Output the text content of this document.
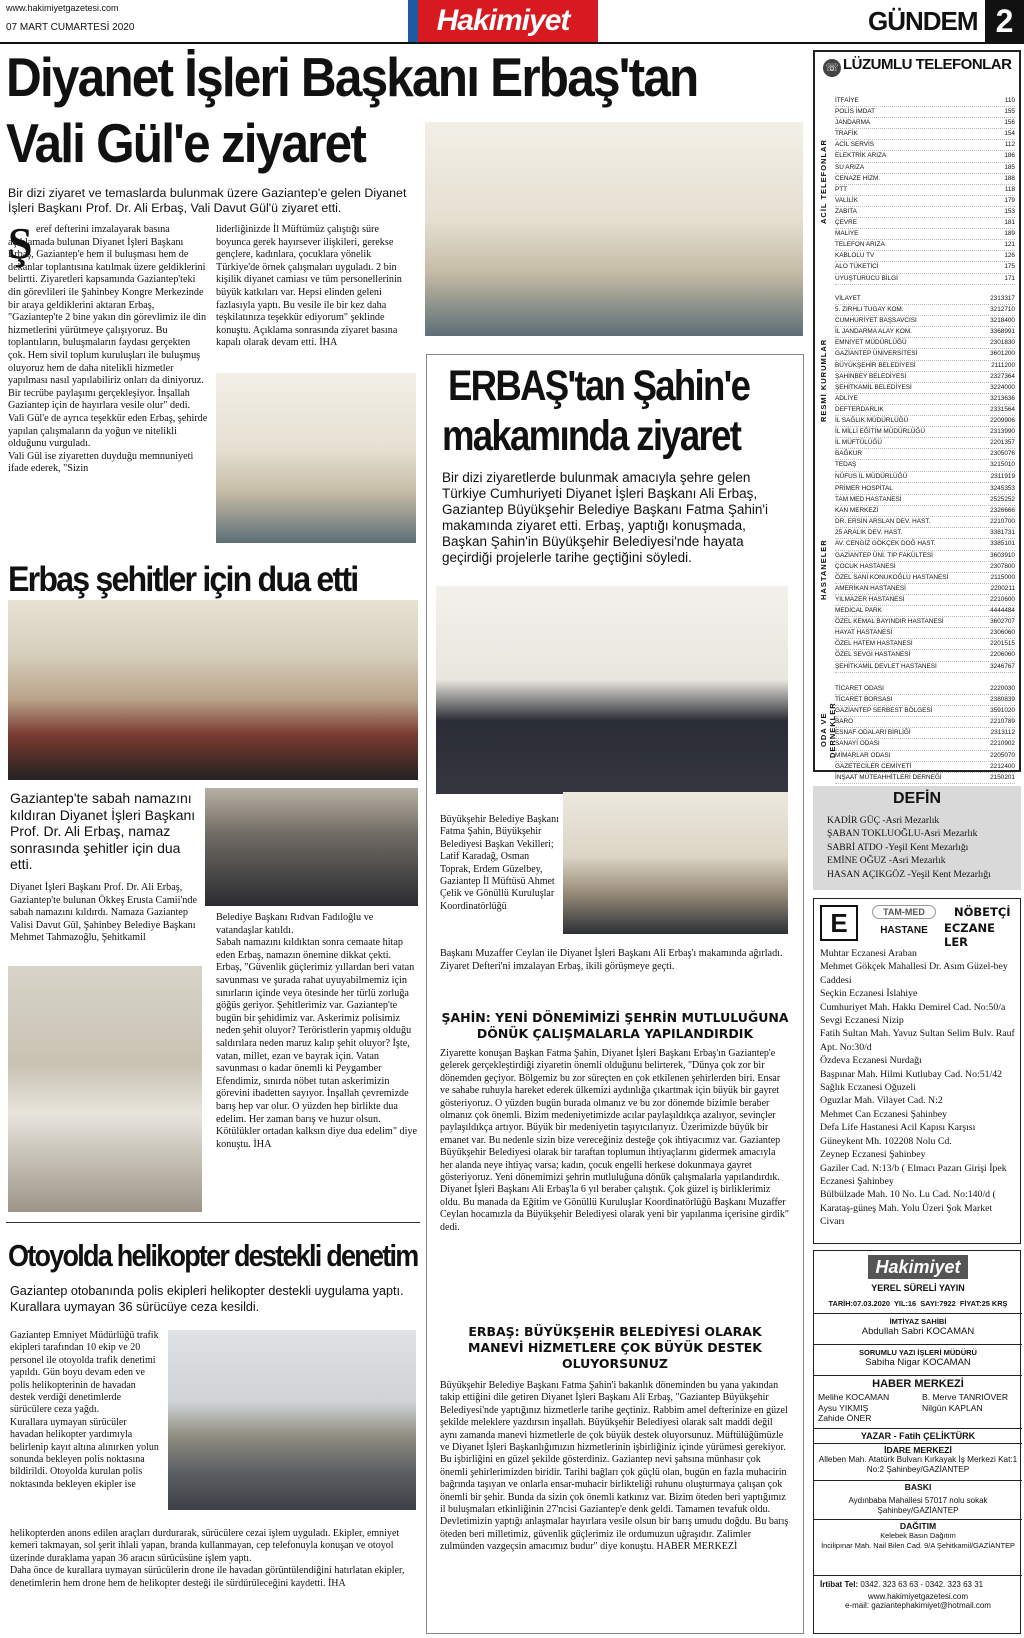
www.hakimiyetgazetesi.com
07 MART CUMARTESİ 2020	Hakimiyet	GÜNDEM 2
Diyanet İşleri Başkanı Erbaş'tan
Vali Gül'e ziyaret
Bir dizi ziyaret ve temaslarda bulunmak üzere Gaziantep'e gelen Diyanet İşleri Başkanı Prof. Dr. Ali Erbaş, Vali Davut Gül'ü ziyaret etti.
Ş eref defterini imzalayarak basına açıklamada bulunan Diyanet İşleri Başkanı Erbaş, Gaziantep'e hem il buluşması hem de dekanlar toplantısına katılmak üzere geldiklerini belirtti. Ziyaretleri kapsamında Gaziantep'teki din görevlileri ile Şahinbey Kongre Merkezinde bir araya geldiklerini aktaran Erbaş, "Gaziantep'te 2 bine yakın din görevlimiz ile din hizmetlerini yürütmeye çalışıyoruz. Bu toplantıların, buluşmaların faydası gerçekten çok. Hem sivil toplum kuruluşları ile buluşmuş oluyoruz hem de daha nitelikli hizmetler yapılması nasıl yapılabiliriz onları da diniyoruz. Bir tecrübe paylaşımı gerçekleşiyor. İnşallah Gaziantep için de hayırlara vesile olur" dedi.
Vali Gül'e de ayrıca teşekkür eden Erbaş, şehirde yapılan çalışmaların da yoğun ve nitelikli olduğunu vurguladı.
Vali Gül ise ziyaretten duyduğu memnuniyeti ifade ederek, "Sizin
liderliğinizde İl Müftümüz çalıştığı süre boyunca gerek hayırsever ilişkileri, gerekse gençlere, kadınlara, çocuklara yönelik Türkiye'de örnek çalışmaları uyguladı. 2 bin kişilik diyanet camiası ve tüm personellerinin büyük katkıları var. Hepsi elinden geleni fazlasıyla yaptı. Bu vesile ile bir kez daha teşkilatınıza teşekkür ediyorum" şeklinde konuştu. Açıklama sonrasında ziyaret basına kapalı olarak devam etti. İHA
ERBAŞ'tan Şahin'e
makamında ziyaret
Bir dizi ziyaretlerde bulunmak amacıyla şehre gelen Türkiye Cumhuriyeti Diyanet İşleri Başkanı Ali Erbaş, Gaziantep Büyükşehir Belediye Başkanı Fatma Şahin'i makamında ziyaret etti. Erbaş, yaptığı konuşmada, Başkan Şahin'in Büyükşehir Belediyesi'nde hayata geçirdiği projelerle tarihe geçtiğini söyledi.
Büyükşehir Belediye Başkanı Fatma Şahin, Büyükşehir Belediyesi Başkan Vekilleri; Latif Karadağ, Osman Toprak, Erdem Güzelbey, Gaziantep İl Müftüsü Ahmet Çelik ve Gönüllü Kuruluşlar Koordinatörlüğü
Başkanı Muzaffer Ceylan ile Diyanet İşleri Başkanı Ali Erbaş'ı makamında ağırladı. Ziyaret Defteri'ni imzalayan Erbaş, ikili görüşmeye geçti.
ŞAHİN: YENİ DÖNEMİMİZİ ŞEHRİN MUTLULUĞUNA DÖNÜK ÇALIŞMALARLA YAPILANDIRDIK
Ziyarette konuşan Başkan Fatma Şahin, Diyanet İşleri Başkanı Erbaş'ın Gaziantep'e gelerek gerçekleştirdiği ziyaretin önemli olduğunu belirterek, "Dünya çok zor bir dönemden geçiyor. Bölgemiz bu zor süreçten en çok etkilenen şehirlerden biri. Ensar ve sahabe ruhuyla hareket ederek ülkemizi aydınlığa çıkartmak için büyük bir gayret gösteriyoruz. O yüzden bugün burada olmanız ve bu zor dönemde bizimle beraber olmanız çok önemli. Bizim medeniyetimizde acılar paylaşıldıkça azalıyor, sevinçler paylaşıldıkça artıyor. Büyük bir medeniyetin taşıyıcılarıyız. Üzerimizde büyük bir emanet var. Bu nedenle sizin bize vereceğiniz desteğe çok ihtiyacımız var. Gaziantep Büyükşehir Belediyesi olarak bir taraftan toplumun ihtiyaçlarını gidermek amacıyla her alanda neye ihtiyaç varsa; kadın, çocuk engelli herkese dokunmaya gayret gösteriyoruz. Yeni dönemimizi şehrin mutluluğuna dönük çalışmalarla yapılandırdık. Diyanet İşleri Başkanı Ali Erbaş'la 6 yıl beraber çalıştık. Çok güzel iş birliklerimiz oldu. Bu manada da Eğitim ve Gönüllü Kuruluşlar Koordinatörlüğü Başkanı Muzaffer Ceylan hocamızla da Büyükşehir Belediyesi olarak yeni bir yapılanma içerisine girdik" dedi.
ERBAŞ: BÜYÜKŞEHİR BELEDİYESİ OLARAK MANEVİ HİZMETLERE ÇOK BÜYÜK DESTEK OLUYORSUNUZ
Büyükşehir Belediye Başkanı Fatma Şahin'i bakanlık döneminden bu yana yakından takip ettiğini dile getiren Diyanet İşleri Başkanı Ali Erbaş, "Gaziantep Büyükşehir Belediyesi'nde yaptığınız hizmetlerle tarihe geçtiniz. Rabbim amel defterinize en güzel şekilde meleklere yazdırsın inşallah. Büyükşehir Belediyesi olarak salt maddi değil aynı zamanda manevi hizmetlerle de çok büyük destek oluyorsunuz. Müftülüğümüzle ve Diyanet İşleri Başkanlığımızın hizmetlerinin işbirliğiniz içinde yürümesi gerekiyor. Bu işbirliğini en güzel şekilde gösterdiniz. Gaziantep nevi şahsına münhasır çok önemli şehirlerimizden biridir. Tarihi bağları çok güçlü olan, bugün en fazla muhacirin bağrında taşıyan ve onlarla ensar-muhacir birlikteliği ruhunu oluşturmaya çalışan çok önemli bir şehir. Bunda da sizin çok önemli katkınız var. Bizim öteden beri yaptığımız il buluşmaları etkinliğinin 27'ncisi Gaziantep'e denk geldi. Tamamen tevafuk oldu. Devletimizin yaptığı anlaşmalar hayırlara vesile olsun bir barış umudu doğdu. Bu barış öteden beri milletimiz, güvenlik güçlerimiz ile ordumuzun uğraşıdır. Zalimler zulmünden vazgeçsin amacımız budur" diye konuştu. HABER MERKEZİ
Erbaş şehitler için dua etti
Gaziantep'te sabah namazını kıldıran Diyanet İşleri Başkanı Prof. Dr. Ali Erbaş, namaz sonrasında şehitler için dua etti.
Diyanet İşleri Başkanı Prof. Dr. Ali Erbaş, Gaziantep'te bulunan Ökkeş Erusta Camii'nde sabah namazını kıldırdı. Namaza Gaziantep Valisi Davut Gül, Şahinbey Belediye Başkanı Mehmet Tahmazoğlu, Şehitkamil
Belediye Başkanı Rıdvan Fadıloğlu ve vatandaşlar katıldı.
Sabah namazını kıldıktan sonra cemaate hitap eden Erbaş, namazın önemine dikkat çekti. Erbaş, "Güvenlik güçlerimiz yıllardan beri vatan savunması ve şurada rahat uyuyabilmemiz için sınırların içinde veya ötesinde her türlü zorluğa göğüs geriyor. Şehitlerimiz var. Gaziantep'te bugün bir şehidimiz var. Askerimiz polisimiz neden şehit oluyor? Teröristlerin yapmış olduğu saldırılara neden maruz kalıp şehit oluyor? İşte, vatan, millet, ezan ve bayrak için. Vatan savunması o kadar önemli ki Peygamber Efendimiz, sınırda nöbet tutan askerimizin görevini ibadetten sayıyor. İnşallah çevremizde barış hep var olur. O yüzden hep birlikte dua edelim. Her zaman barış ve huzur olsun. Kötülükler ortadan kalksın diye dua edelim" diye konuştu. İHA
Otoyolda helikopter destekli denetim
Gaziantep otobanında polis ekipleri helikopter destekli uygulama yaptı. Kurallara uymayan 36 sürücüye ceza kesildi.
Gaziantep Emniyet Müdürlüğü trafik ekipleri tarafından 10 ekip ve 20 personel ile otoyolda trafik denetimi yapıldı. Gün boyu devam eden ve polis helikopterinin de havadan destek verdiği denetimlerde sürücülere ceza yağdı.
Kurallara uymayan sürücüler havadan helikopter yardımıyla belirlenip kayıt altına alınırken yolun sonunda bekleyen polis noktasına bildirildi. Otoyolda kurulan polis noktasında bekleyen ekipler ise
helikopterden anons edilen araçları durdurarak, sürücülere cezai işlem uyguladı. Ekipler, emniyet kemeri takmayan, sol şerit ihlali yapan, branda kullanmayan, cep telefonuyla konuşan ve otoyol üzerinde duraklama yapan 36 aracın sürücüsüne işlem yaptı.
Daha önce de kurallara uymayan sürücülerin drone ile havadan görüntülendiğini hatırlatan ekipler, denetimlerin hem drone hem de helikopter desteği ile sürdürüleceğini kaydetti. İHA
☏ LÜZUMLU TELEFONLAR
ACİL TELEFONLAR
İTFAİYE	110
POLİS İMDAT	155
JANDARMA	156
TRAFİK	154
ACİL SERVİS	112
ELEKTRİK ARIZA	186
SU ARIZA	185
CENAZE HİZM.	188
PTT	118
VALİLİK	179
ZABITA	153
ÇEVRE	181
MALİYE	189
TELEFON ARIZA	121
KABLOLU TV	126
ALO TÜKETİCİ	175
UYUŞTURUCU BİLGİ	171
RESMİ KURUMLAR
VİLAYET	2313317
5. ZIRHLI TUGAY KOM.	3212710
CUMHURİYET BAŞSAVCISI	3218400
İL JANDARMA ALAY KOM.	3368991
EMNİYET MÜDÜRLÜĞÜ	2301830
GAZİANTEP ÜNİVERSİTESİ	3601200
BÜYÜKŞEHİR BELEDİYESİ	2111200
ŞAHİNBEY BELEDİYESİ	2327364
ŞEHİTKAMİL BELEDİYESİ	3224000
ADLİYE	3213636
DEFTERDARLIK	2331564
İL SAĞLIK MÜDÜRLÜĞÜ	2209906
İL MİLLİ EĞİTİM MÜDÜRLÜĞÜ	2313990
İL MÜFTÜLÜĞÜ	2201357
BAĞKUR	2305076
TEDAŞ	3215010
NÜFUS İL MÜDÜRLÜĞÜ	2311919
HASTANELER
PRİMER HOSPİTAL	3245353
TAM MED HASTANESİ	2525252
KAN MERKEZİ	2326666
DR. ERSİN ARSLAN DEV. HAST.	2210700
25 ARALIK DEV. HAST.	3381731
AV. CENGİZ GÖKÇEK DOĞ HAST.	3385101
GAZİANTEP ÜNİ. TIP FAKÜLTESİ	3603910
ÇOCUK HASTANESİ	2307800
ÖZEL SANİ KONUKOĞLU HASTANESİ	2115000
AMERİKAN HASTANESİ	2200211
YILMAZER HASTANESİ	2210600
MEDİCAL PARK	4444484
ÖZEL KEMAL BAYINDIR HASTANESİ	3602707
HAYAT HASTANESİ	2306060
ÖZEL HATEM HASTANESİ	2201515
ÖZEL SEVGİ HASTANESİ	2206060
ŞEHİTKAMİL DEVLET HASTANESİ	3246767
ODA VE DERNEKLER
TİCARET ODASI	2220030
TİCARET BORSASI	2380839
GAZİANTEP SERBEST BÖLGESİ	3591020
BARO	2210789
ESNAF ODALARI BİRLİĞİ	2313112
SANAYİ ODASI	2210902
MİMARLAR ODASI	2205070
GAZETECİLER CEMİYETİ	2212400
İNŞAAT MÜTEAHHİTLERİ DERNEĞİ	2150201
DEFİN
KADİR GÜÇ -Asri Mezarlık
ŞABAN TOKLUOĞLU-Asri Mezarlık
SABRİ ATDO -Yeşil Kent Mezarlığı
EMİNE OĞUZ -Asri Mezarlık
HASAN AÇIKGÖZ -Yeşil Kent Mezarlığı
E	TAM-MED
HASTANE
NÖBETÇİ
ECZANE LER
Muhtar Eczanesi Araban
Mehmet Gökçek Mahallesi Dr. Asım Güzel-bey Caddesi
Seçkin Eczanesi İslahiye
Cumhuriyet Mah. Hakkı Demirel Cad. No:50/a
Sevgi Eczanesi Nizip
Fatih Sultan Mah. Yavuz Sultan Selim Bulv. Rauf Apt. No:30/d
Özdeva Eczanesi Nurdağı
Başpınar Mah. Hilmi Kutlubay Cad. No:51/42
Sağlık Eczanesi Oğuzeli
Oguzlar Mah. Vilayet Cad. N:2
Mehmet Can Eczanesi Şahinbey
Defa Life Hastanesi Acil Kapısı Karşısı Güneykent Mh. 102208 Nolu Cd.
Zeynep Eczanesi Şahinbey
Gaziler Cad. N:13/b ( Elmacı Pazarı Girişi İpek Eczanesi Şahinbey
Bülbülzade Mah. 10 No. Lu Cad. No:140/d ( Karataş-güneş Mah. Yolu Üzeri Şok Market Civarı
Hakimiyet
YEREL SÜRELİ YAYIN
TARİH:07.03.2020  YIL:16  SAYI:7922  FİYAT:25 KRŞ
İMTİYAZ SAHİBİ
Abdullah Sabri KOCAMAN
SORUMLU YAZI İŞLERİ MÜDÜRÜ
Sabiha Nigar KOCAMAN
HABER MERKEZİ
Melihe KOCAMAN
Aysu YIKMIŞ
Zahide ÖNER
B. Merve TANRIÖVER
Nilgün KAPLAN
YAZAR - Fatih ÇELİKTÜRK
İDARE MERKEZİ
Alleben Mah. Atatürk Bulvarı Kırkayak İş Merkezi Kat:1 No:2 Şahinbey/GAZİANTEP
BASKI
Aydınbaba Mahallesi 57017 nolu sokak Şahinbey/GAZİANTEP
DAĞITIM
Kelebek Basın Dağıtım
İncilipınar Mah. Nail Bilen Cad. 9/A Şehitkamil/GAZİANTEP
İrtibat Tel: 0342. 323 63 63 - 0342. 323 63 31
www.hakimiyetgazetesi.com
e-mail: gaziantephakimiyet@hotmail.com
